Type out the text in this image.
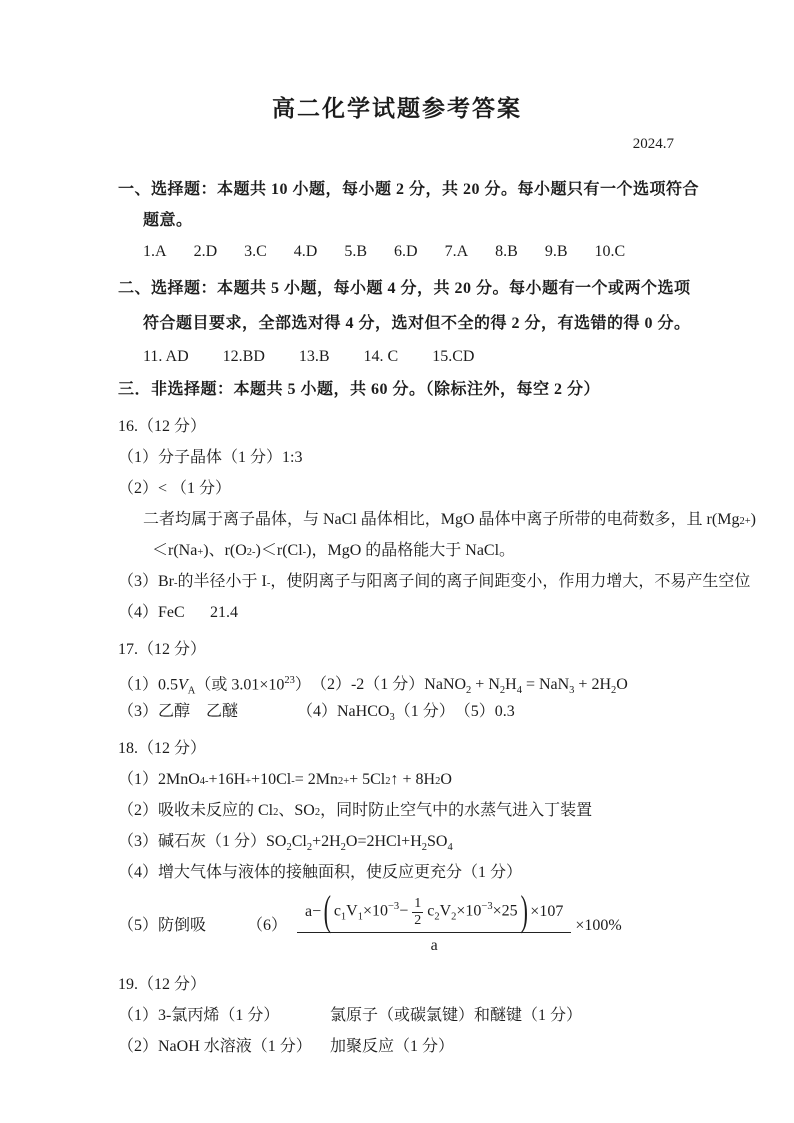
高二化学试题参考答案
2024.7
一、选择题：本题共 10 小题，每小题 2 分，共 20 分。每小题只有一个选项符合
题意。
1.A 2.D 3.C 4.D 5.B 6.D 7.A 8.B 9.B 10.C
二、选择题：本题共 5 小题，每小题 4 分，共 20 分。每小题有一个或两个选项
符合题目要求，全部选对得 4 分，选对但不全的得 2 分，有选错的得 0 分。
11. AD 12.BD 13.B 14. C 15.CD
三．非选择题：本题共 5 小题，共 60 分。（除标注外，每空 2 分）
16.（12 分）
（1）分子晶体（1 分） 1:3
（2）< （1 分）
二者均属于离子晶体，与 NaCl 晶体相比，MgO 晶体中离子所带的电荷数多，且 r(Mg 2+ )
＜r(Na + )、r(O 2- )＜r(Cl - )，MgO 的晶格能大于 NaCl。
（3）Br - 的半径小于 I - ，使阴离子与阳离子间的离子间距变小，作用力增大，不易产生空位
（4）FeC	21.4
17.（12 分）
$(1)0.5V_A$（或 $3.01\times 10^{23}$） （2）-2（1 分） NaNO$_2$ + $N_2H_4 = NaN_3 + 2H_2O$
（3）乙醇　乙醚	（4）NaHCO$_3$（1 分） （5）0.3
18.（12 分）
（1）2MnO 4 - +16H + +10Cl - = 2Mn 2+ + 5Cl 2 ↑ + 8H 2 O
（2）吸收未反应的 Cl 2 、SO 2 ，同时防止空气中的水蒸气进入丁装置
（3）碱石灰（1 分） $SO_2Cl_2+2H_2O=2HCl+H_2SO_4$
（4）增大气体与液体的接触面积，使反应更充分（1 分）
（5）防倒吸	（6）
a− ( $c_1V_1\times 10^{-3}- \frac{1}{2} c_2V_2\times 10^{-3}\times 25$ ) ×107
a
×100%
19.（12 分）
（1）3-氯丙烯（1 分）	氯原子（或碳氯键）和醚键（1 分）
（2）NaOH 水溶液（1 分）	加聚反应（1 分）
